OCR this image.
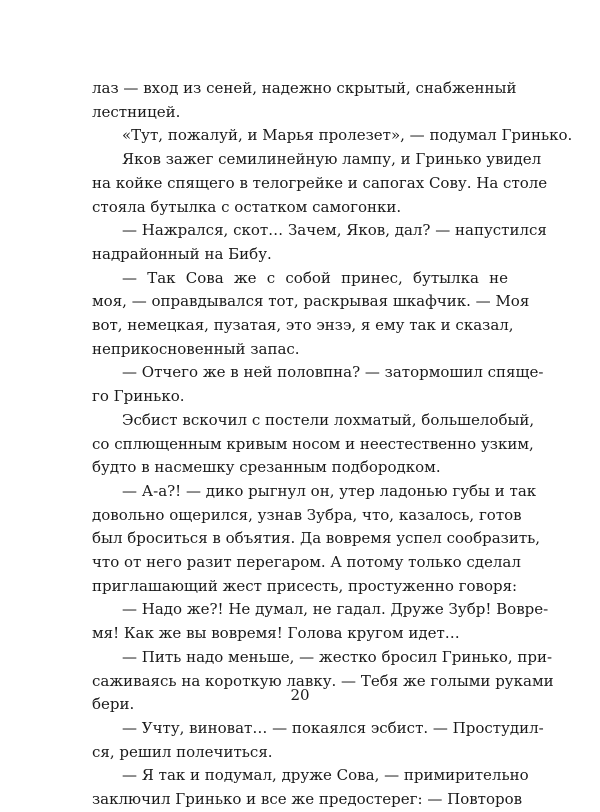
лаз — вход из сеней, надежно скрытый, снабженный
лестницей.
«Тут, пожалуй, и Марья пролезет», — подумал Гринько.
Яков зажег семилинейную лампу, и Гринько увидел
на койке спящего в телогрейке и сапогах Сову. На столе
стояла бутылка с остатком самогонки.
— Нажрался, скот… Зачем, Яков, дал? — напустился
надрайонный на Бибу.
— Так Сова же с собой принес, бутылка не
моя, — оправдывался тот, раскрывая шкафчик. — Моя
вот, немецкая, пузатая, это энзэ, я ему так и сказал,
неприкосновенный запас.
— Отчего же в ней половпна? — затормошил спяще-
го Гринько.
Эсбист вскочил с постели лохматый, большелобый,
со сплющенным кривым носом и неестественно узким,
будто в насмешку срезанным подбородком.
— А-а?! — дико рыгнул он, утер ладонью губы и так
довольно ощерился, узнав Зубра, что, казалось, готов
был броситься в объятия. Да вовремя успел сообразить,
что от него разит перегаром. А потому только сделал
приглашающий жест присесть, простуженно говоря:
— Надо же?! Не думал, не гадал. Друже Зубр! Вовре-
мя! Как же вы вовремя! Голова кругом идет…
— Пить надо меньше, — жестко бросил Гринько, при-
саживаясь на короткую лавку. — Тебя же голыми руками
бери.
— Учту, виноват… — покаялся эсбист. — Простудил-
ся, решил полечиться.
— Я так и подумал, друже Сова, — примирительно
заключил Гринько и все же предостерег: — Повторов
20
